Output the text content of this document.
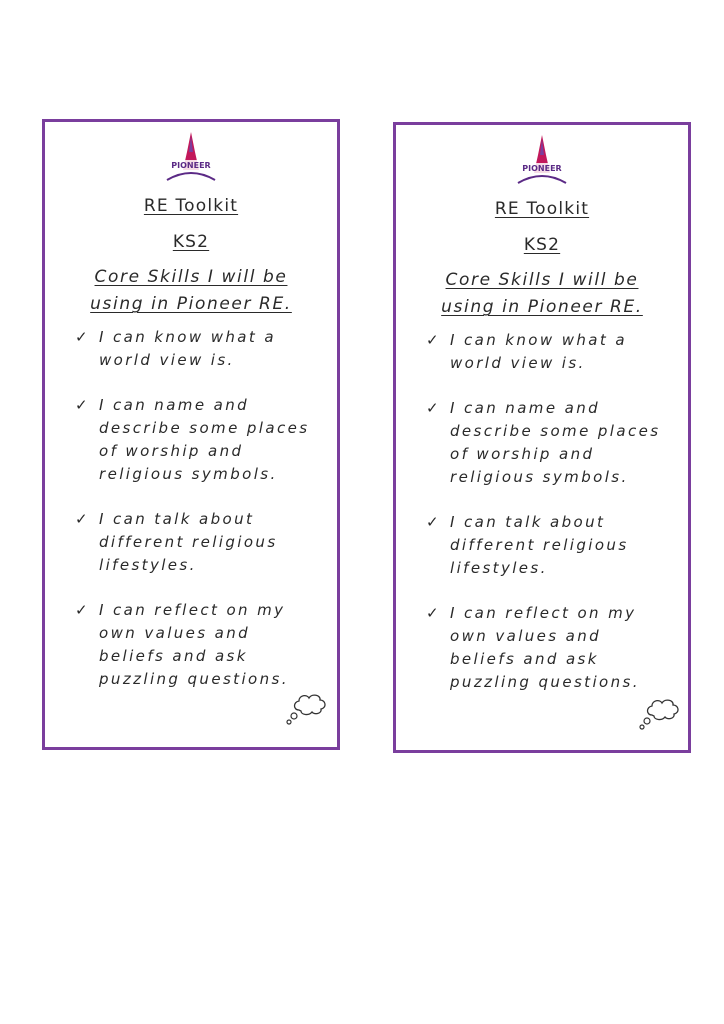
PIONEER
RE Toolkit
KS2
Core Skills I will be
using in Pioneer RE.
✓ I can know what a
world view is.
✓ I can name and
describe some places
of worship and
religious symbols.
✓ I can talk about
different religious
lifestyles.
✓ I can reflect on my
own values and
beliefs and ask
puzzling questions.
PIONEER
RE Toolkit
KS2
Core Skills I will be
using in Pioneer RE.
✓ I can know what a
world view is.
✓ I can name and
describe some places
of worship and
religious symbols.
✓ I can talk about
different religious
lifestyles.
✓ I can reflect on my
own values and
beliefs and ask
puzzling questions.
